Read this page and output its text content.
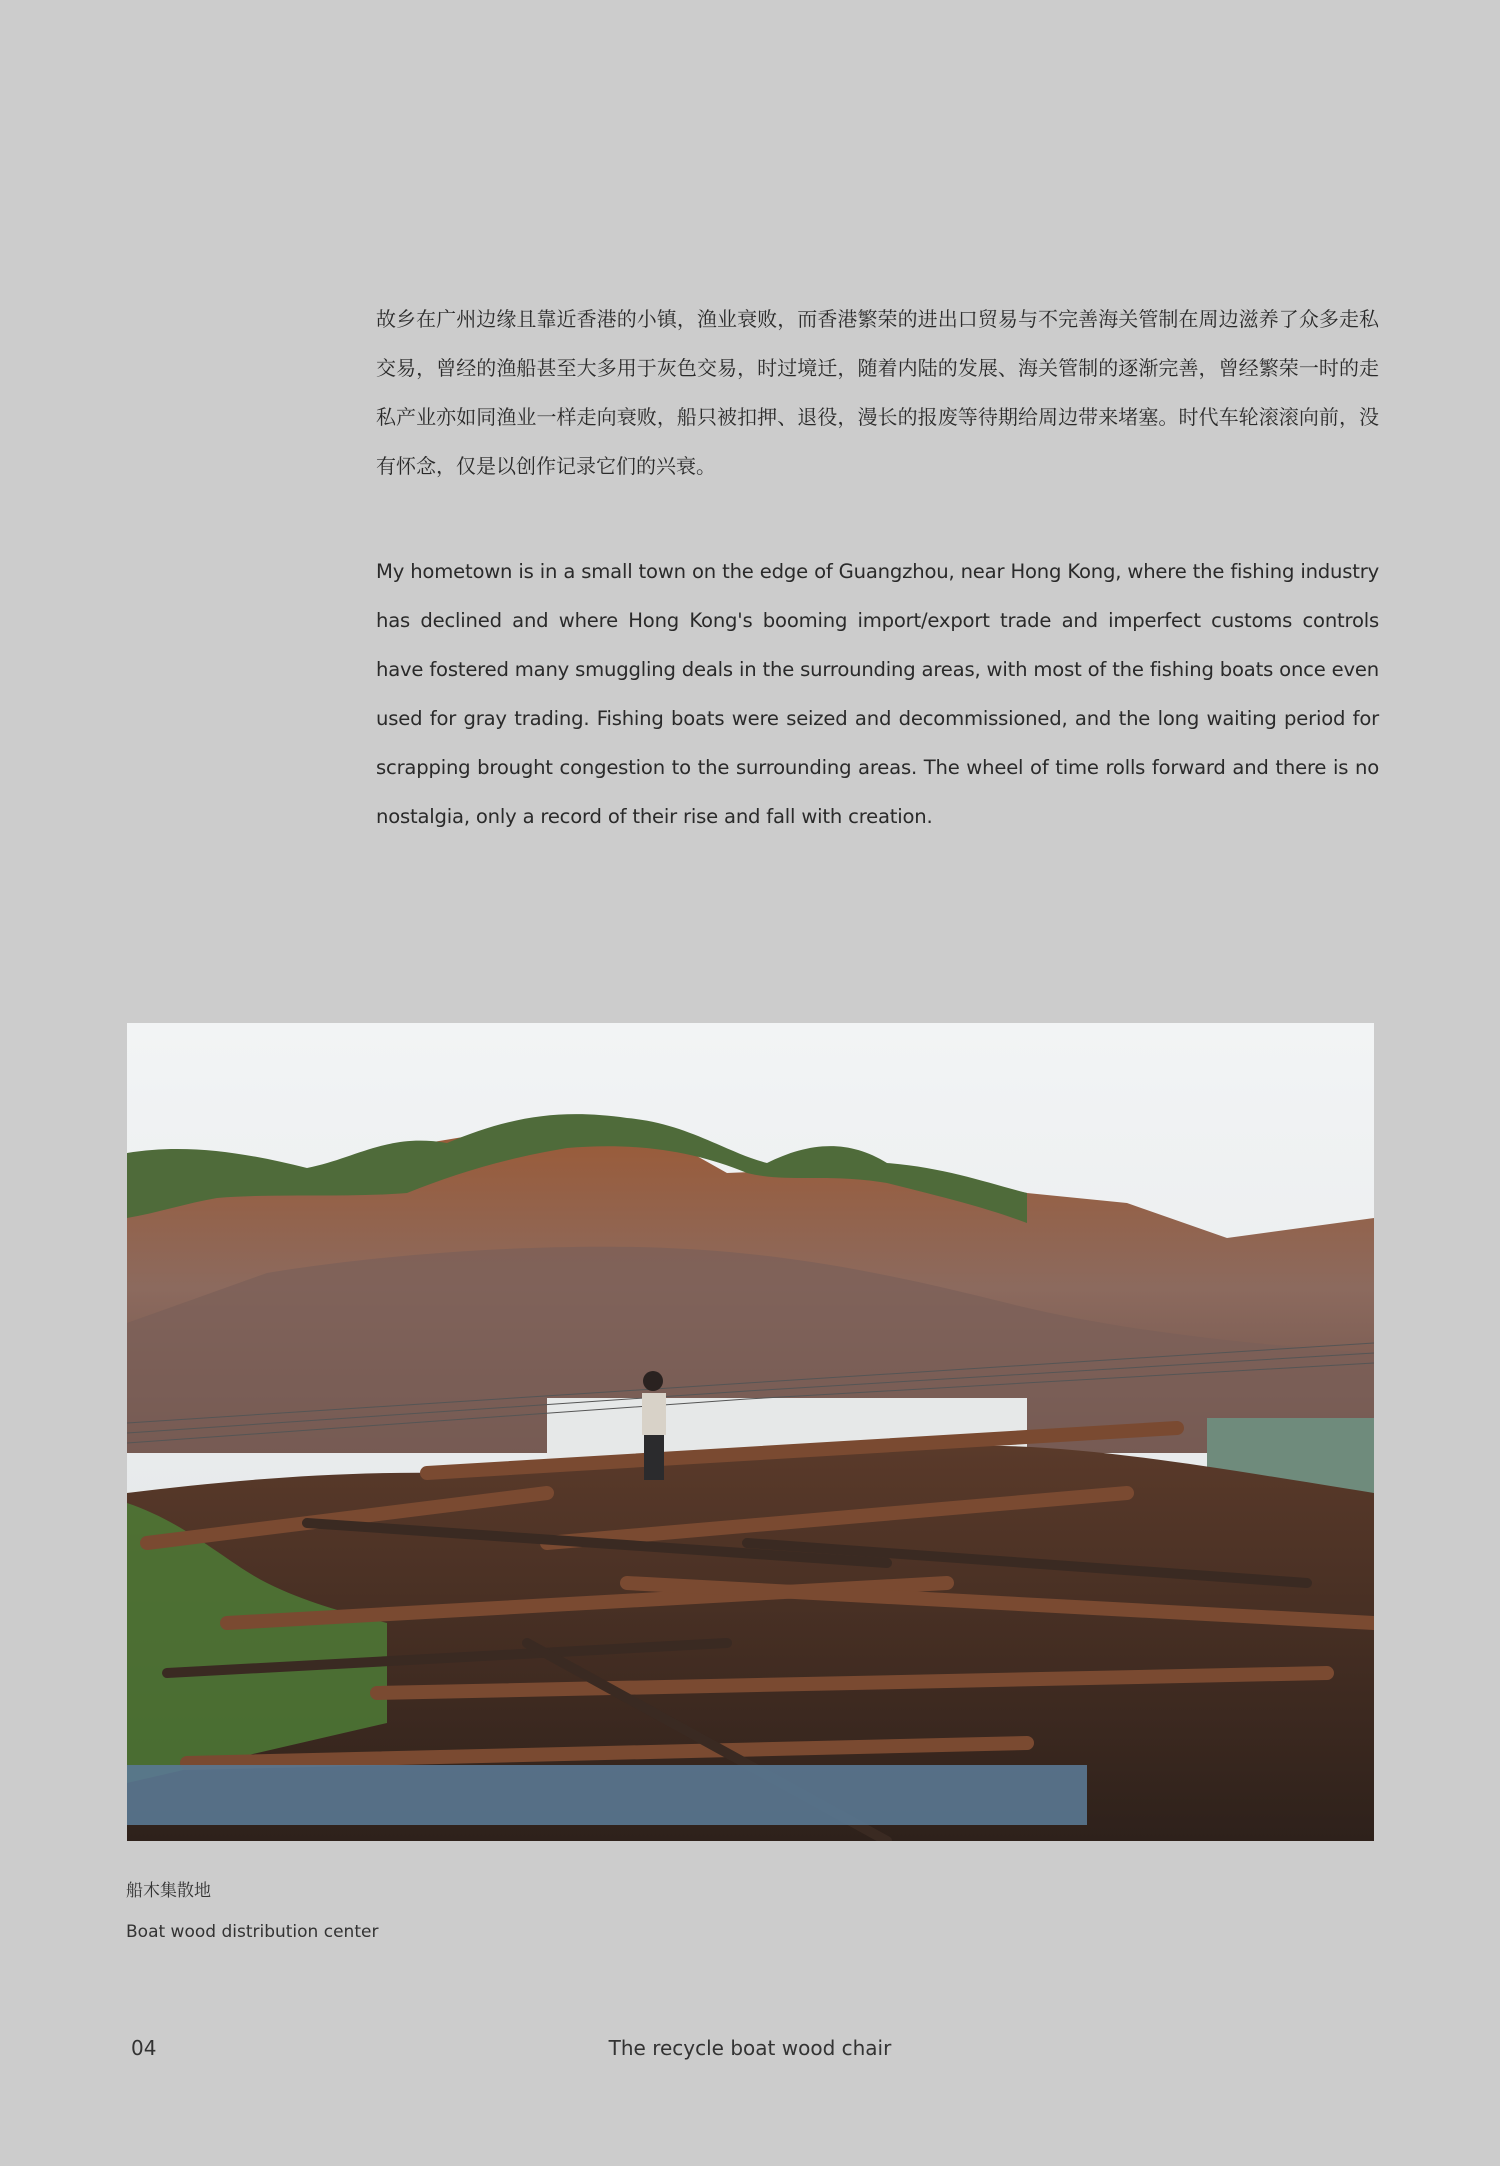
故乡在广州边缘且靠近香港的小镇，渔业衰败，而香港繁荣的进出口贸易与不完善海关管制在周边滋养了众多走私交易，曾经的渔船甚至大多用于灰色交易，时过境迁，随着内陆的发展、海关管制的逐渐完善，曾经繁荣一时的走私产业亦如同渔业一样走向衰败，船只被扣押、退役，漫长的报废等待期给周边带来堵塞。时代车轮滚滚向前，没有怀念，仅是以创作记录它们的兴衰。

My hometown is in a small town on the edge of Guangzhou, near Hong Kong, where the fishing industry has declined and where Hong Kong's booming import/export trade and imperfect customs controls have fostered many smuggling deals in the surrounding areas, with most of the fishing boats once even used for gray trading. Fishing boats were seized and decommissioned, and the long waiting period for scrapping brought congestion to the surrounding areas. The wheel of time rolls forward and there is no nostalgia, only a record of their rise and fall with creation.

船木集散地

Boat wood distribution center

04	The recycle boat wood chair
